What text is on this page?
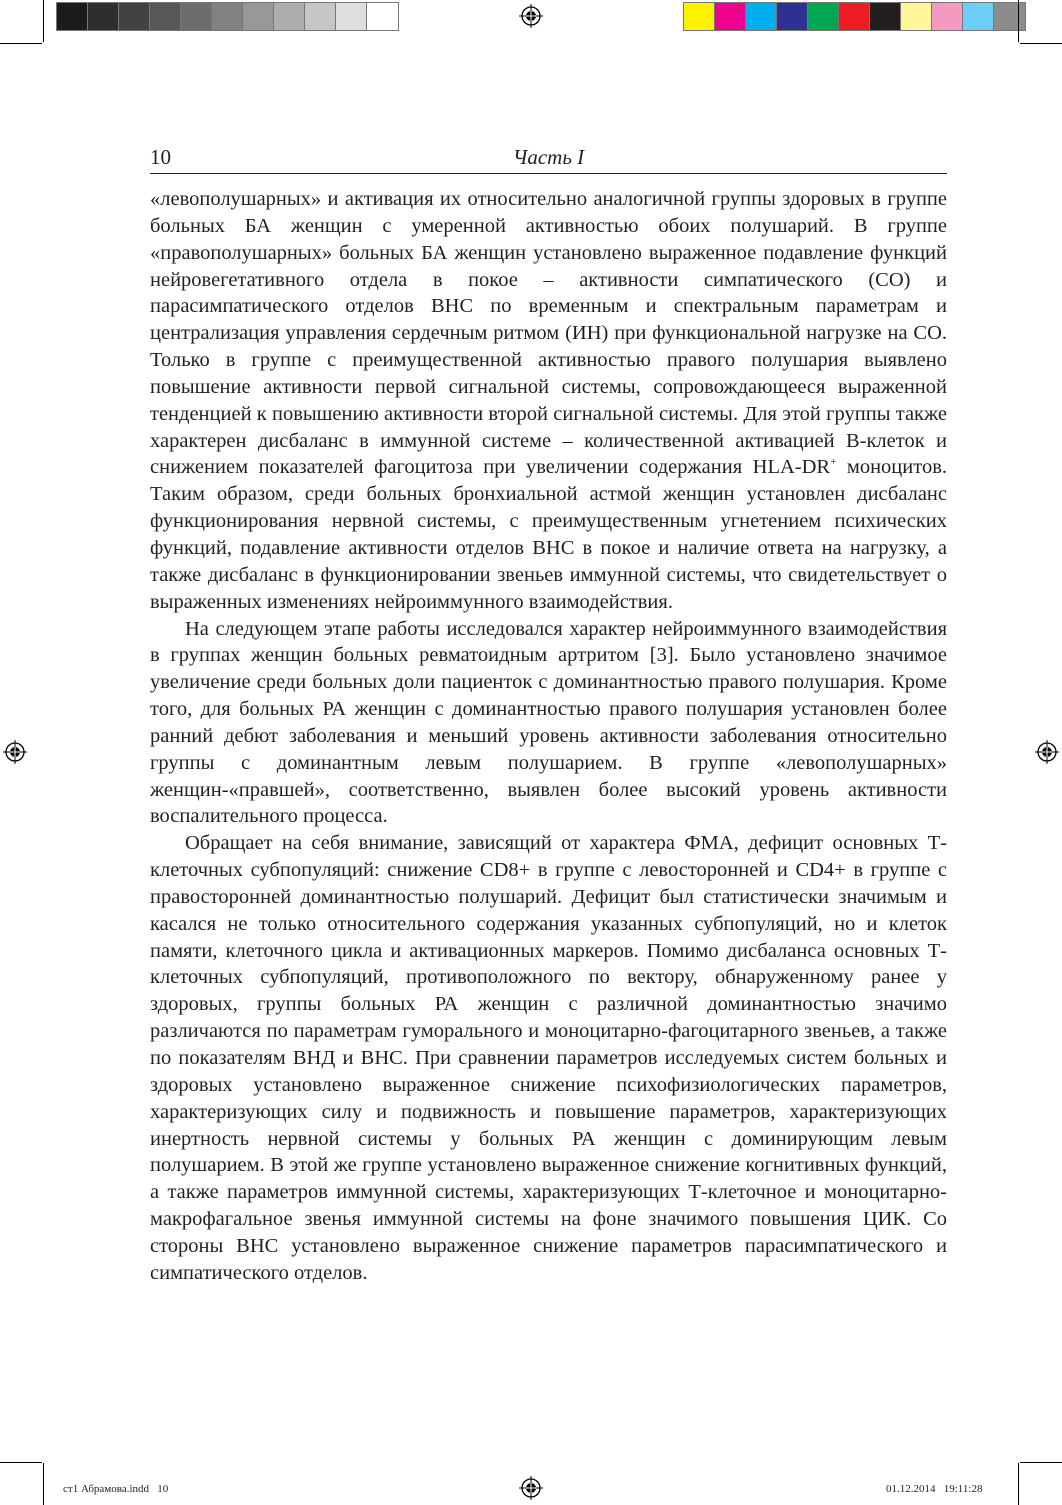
10	Часть I

«левополушарных» и активация их относительно аналогичной группы здоровых в группе больных БА женщин с умеренной активностью обоих полушарий. В группе «правополушарных» больных БА женщин установлено выраженное подавление функций нейровегетативного отдела в покое – активности симпатического (СО) и парасимпатического отделов ВНС по временным и спектральным параметрам и централизация управления сердечным ритмом (ИН) при функциональной нагрузке на СО. Только в группе с преимущественной активностью правого полушария выявлено повышение активности первой сигнальной системы, сопровождающееся выраженной тенденцией к повышению активности второй сигнальной системы. Для этой группы также характерен дисбаланс в иммунной системе – количественной активацией В-клеток и снижением показателей фагоцитоза при увеличении содержания HLA-DR+ моноцитов. Таким образом, среди больных бронхиальной астмой женщин установлен дисбаланс функционирования нервной системы, с преимущественным угнетением психических функций, подавление активности отделов ВНС в покое и наличие ответа на нагрузку, а также дисбаланс в функционировании звеньев иммунной системы, что свидетельствует о выраженных изменениях нейроиммунного взаимодействия.

На следующем этапе работы исследовался характер нейроиммунного взаимодействия в группах женщин больных ревматоидным артритом [3]. Было установлено значимое увеличение среди больных доли пациенток с доминантностью правого полушария. Кроме того, для больных РА женщин с доминантностью правого полушария установлен более ранний дебют заболевания и меньший уровень активности заболевания относительно группы с доминантным левым полушарием. В группе «левополушарных» женщин-«правшей», соответственно, выявлен более высокий уровень активности воспалительного процесса.

Обращает на себя внимание, зависящий от характера ФМА, дефицит основных Т-клеточных субпопуляций: снижение CD8+ в группе с левосторонней и CD4+ в группе с правосторонней доминантностью полушарий. Дефицит был статистически значимым и касался не только относительного содержания указанных субпопуляций, но и клеток памяти, клеточного цикла и активационных маркеров. Помимо дисбаланса основных Т-клеточных субпопуляций, противоположного по вектору, обнаруженному ранее у здоровых, группы больных РА женщин с различной доминантностью значимо различаются по параметрам гуморального и моноцитарно-фагоцитарного звеньев, а также по показателям ВНД и ВНС. При сравнении параметров исследуемых систем больных и здоровых установлено выраженное снижение психофизиологических параметров, характеризующих силу и подвижность и повышение параметров, характеризующих инертность нервной системы у больных РА женщин с доминирующим левым полушарием. В этой же группе установлено выраженное снижение когнитивных функций, а также параметров иммунной системы, характеризующих Т-клеточное и моноцитарно-макрофагальное звенья иммунной системы на фоне значимого повышения ЦИК. Со стороны ВНС установлено выраженное снижение параметров парасимпатического и симпатического отделов.

ст1 Абрамова.indd   10	01.12.2014   19:11:28
